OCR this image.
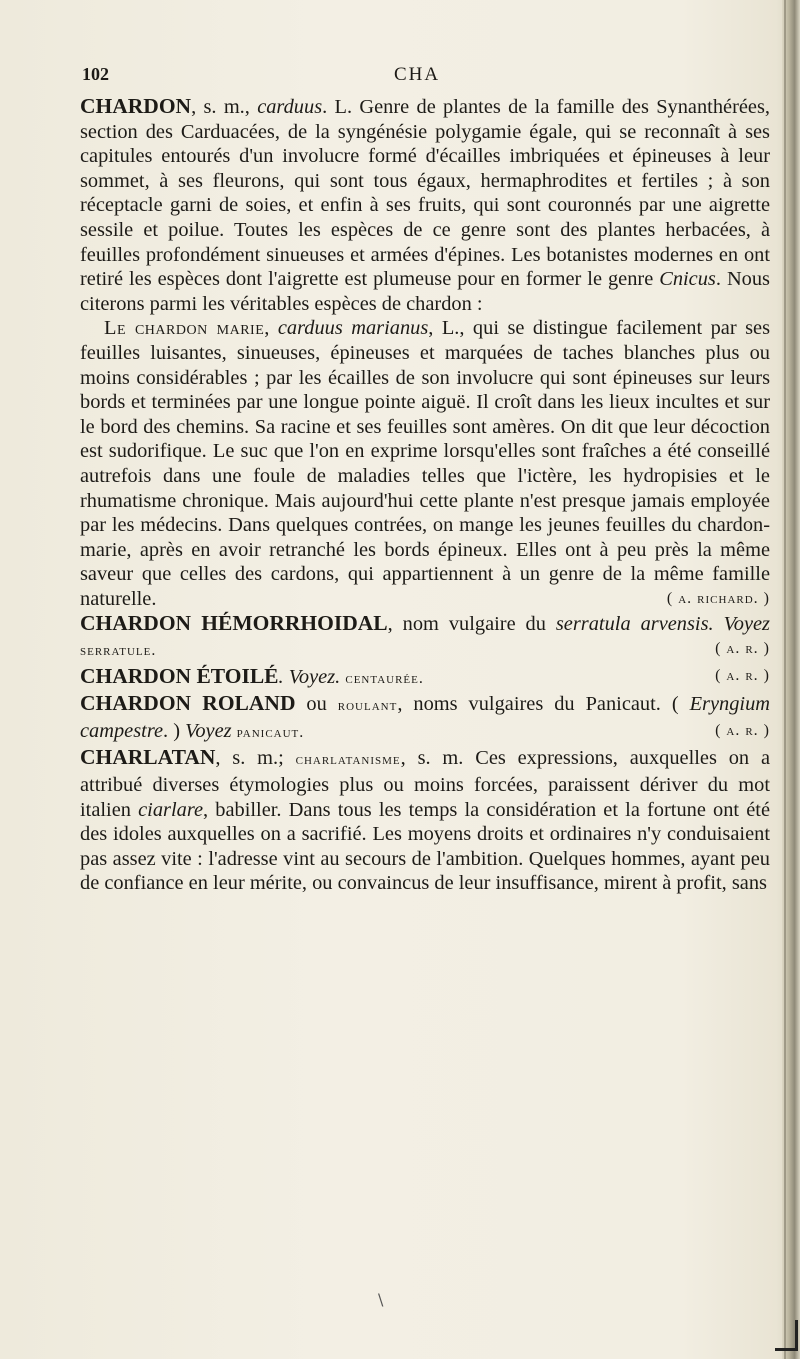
102	CHA

CHARDON, s. m., carduus. L. Genre de plantes de la famille des Synanthérées, section des Carduacées, de la syngénésie polygamie égale, qui se reconnaît à ses capitules entourés d'un involucre formé d'écailles imbriquées et épineuses à leur sommet, à ses fleurons, qui sont tous égaux, hermaphrodites et fertiles ; à son réceptacle garni de soies, et enfin à ses fruits, qui sont couronnés par une aigrette sessile et poilue. Toutes les espèces de ce genre sont des plantes herbacées, à feuilles profondément sinueuses et armées d'épines. Les botanistes modernes en ont retiré les espèces dont l'aigrette est plumeuse pour en former le genre Cnicus. Nous citerons parmi les véritables espèces de chardon :

Le chardon marie, carduus marianus, L., qui se distingue facilement par ses feuilles luisantes, sinueuses, épineuses et marquées de taches blanches plus ou moins considérables ; par les écailles de son involucre qui sont épineuses sur leurs bords et terminées par une longue pointe aiguë. Il croît dans les lieux incultes et sur le bord des chemins. Sa racine et ses feuilles sont amères. On dit que leur décoction est sudorifique. Le suc que l'on en exprime lorsqu'elles sont fraîches a été conseillé autrefois dans une foule de maladies telles que l'ictère, les hydropisies et le rhumatisme chronique. Mais aujourd'hui cette plante n'est presque jamais employée par les médecins. Dans quelques contrées, on mange les jeunes feuilles du chardon-marie, après en avoir retranché les bords épineux. Elles ont à peu près la même saveur que celles des cardons, qui appartiennent à un genre de la même famille naturelle.	( a. richard. )

CHARDON HÉMORRHOIDAL, nom vulgaire du serratula arvensis. Voyez serratule.	( a. r. )

CHARDON ÉTOILÉ. Voyez. centaurée.	( a. r. )

CHARDON ROLAND ou roulant, noms vulgaires du Panicaut. ( Eryngium campestre. ) Voyez panicaut.	( a. r. )

CHARLATAN, s. m.; charlatanisme, s. m. Ces expressions, auxquelles on a attribué diverses étymologies plus ou moins forcées, paraissent dériver du mot italien ciarlare, babiller. Dans tous les temps la considération et la fortune ont été des idoles auxquelles on a sacrifié. Les moyens droits et ordinaires n'y conduisaient pas assez vite : l'adresse vint au secours de l'ambition. Quelques hommes, ayant peu de confiance en leur mérite, ou convaincus de leur insuffisance, mirent à profit, sans

\
